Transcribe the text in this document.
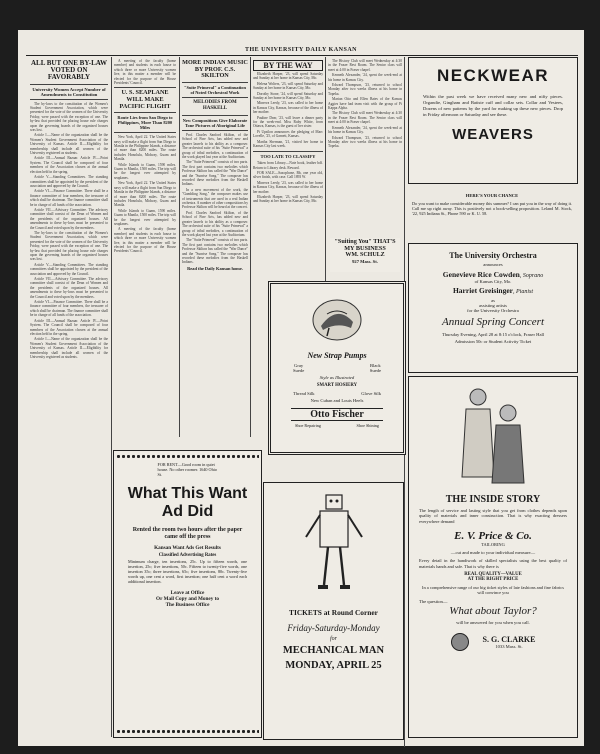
THE UNIVERSITY DAILY KANSAN
ALL BUT ONE BY-LAW VOTED ON FAVORABLY
University Women Accept Number of Amendments to Constitution
The by-laws to the constitution of the Women's Student Government Association, which were presented for the vote of the women of the University Friday, were passed with the exception of one. The by-law that provided for placing house rule charges upon the governing boards of the organized houses was lost.
Article I.—Name of the organization shall be the Women's Student Government Association of the University of Kansas. Article II.—Eligibility for membership shall include all women of the University registered as students.
Article III.—Annual Bazaar. Article IV.—Point System. The Council shall be composed of four members of the Association chosen at the annual election held in the spring.
Article V.—Standing Committees. The standing committees shall be appointed by the president of the association and approved by the Council.
Article VI.—Finance Committee. There shall be a finance committee of four members, the treasurer of which shall be chairman. The finance committee shall be in charge of all funds of the association.
Article VII.—Advisory Committee. The advisory committee shall consist of the Dean of Women and the presidents of the organized houses. All amendments to these by-laws must be presented to the Council and voted upon by the members.
The by-laws to the constitution of the Women's Student Government Association, which were presented for the vote of the women of the University Friday, were passed with the exception of one. The by-law that provided for placing house rule charges upon the governing boards of the organized houses was lost.
Article V.—Standing Committees. The standing committees shall be appointed by the president of the association and approved by the Council.
Article VII.—Advisory Committee. The advisory committee shall consist of the Dean of Women and the presidents of the organized houses. All amendments to these by-laws must be presented to the Council and voted upon by the members.
Article VI.—Finance Committee. There shall be a finance committee of four members, the treasurer of which shall be chairman. The finance committee shall be in charge of all funds of the association.
Article III.—Annual Bazaar. Article IV.—Point System. The Council shall be composed of four members of the Association chosen at the annual election held in the spring.
Article I.—Name of the organization shall be the Women's Student Government Association of the University of Kansas. Article II.—Eligibility for membership shall include all women of the University registered as students.
A meeting of the faculty (home member) and students in each house to which three or more University women live, in this matter a member will be elected for the purpose of the House Presidents' Council.
U. S. SEAPLANE WILL MAKE PACIFIC FLIGHT
Route Lies from San Diego to Philippines, More Than 8200 Miles
New York, April 22. The United States navy will make a flight from San Diego to Manila in the Philippine Islands, a distance of more than 8200 miles. The route includes Honolulu, Midway, Guam and Manila.
While Islands to Guam, 1590 miles. Guam to Manila, 1500 miles. The trip will be the longest ever attempted by seaplanes.
New York, April 22. The United States navy will make a flight from San Diego to Manila in the Philippine Islands, a distance of more than 8200 miles. The route includes Honolulu, Midway, Guam and Manila.
While Islands to Guam, 1590 miles. Guam to Manila, 1500 miles. The trip will be the longest ever attempted by seaplanes.
A meeting of the faculty (home member) and students in each house to which three or more University women live, in this matter a member will be elected for the purpose of the House Presidents' Council.
MORE INDIAN MUSIC BY PROF. C.S. SKILTON
"Suite Primeval" a Continuation of Noted Orchestral Work
MELODIES FROM HASKELL
New Compositions Give Elaborate Tone Pictures of Aboriginal Life
Prof. Charles Sanford Skilton, of the School of Fine Arts, has added new and greater laurels to his ability as a composer. The orchestral suite of his "Suite Primeval" a group of tribal melodies, a continuation of the work played last year at the Auditorium.
The "Suite Primeval" consists of two parts. The first part contains two melodies which Professor Skilton has called the "War Dance" and the "Sunrise Song." The composer has recorded these melodies from the Haskell Indians.
In a new movement of the work, the "Gambling Song," the composer makes use of instruments that are used in a real Indian orchestra. A number of other compositions by Professor Skilton will be heard at the concert.
Prof. Charles Sanford Skilton, of the School of Fine Arts, has added new and greater laurels to his ability as a composer. The orchestral suite of his "Suite Primeval" a group of tribal melodies, a continuation of the work played last year at the Auditorium.
The "Suite Primeval" consists of two parts. The first part contains two melodies which Professor Skilton has called the "War Dance" and the "Sunrise Song." The composer has recorded these melodies from the Haskell Indians.
Read the Daily Kansan home.
BY THE WAY
Elizabeth Harper, '23, will spend Saturday and Sunday at her home in Kansas City, Mo.
Helena Wolters, '23, will spend Saturday and Sunday at her home in Kansas City, Mo.
Dorothy Stone, '24, will spend Saturday and Sunday at her home in Kansas City, Mo.
Minerva Leedy, '23, was called to her home in Kansas City, Kansas, because of the illness of her mother.
Pauline Dear, '23, will leave a dinner party for the week-end. Miss Ruby White, from Ottawa, Kansas, is the guest of her sister.
Pi Upsilon announces the pledging of Marc Lovelle, '25, of Garnett, Kansas.
Martha Sherman, '21, visited her home in Kansas City last week.
TOO LATE TO CLASSIFY
Taken from Library—Note book, leather bdf. Return to Library desk. Reward.
FOR SALE—Saxophone, Bb, one year old, silver finish, with case. Call 1893 W.
Minerva Leedy, '23, was called to her home in Kansas City, Kansas, because of the illness of her mother.
Elizabeth Harper, '23, will spend Saturday and Sunday at her home in Kansas City, Mo.
The History Club will meet Wednesday at 4:30 in the Fraser Rest Room. The Senior class will meet at 4:00 in Fraser chapel.
Kenneth Alexander, '24, spent the week-end at his home in Kansas City.
Edward Thompson, '23, returned to school Monday after two weeks illness at his home in Topeka.
Marian Otto and Ellen Bates of the Kansas Aggies have had team visit with the group of Pi Kappa Alpha.
The History Club will meet Wednesday at 4:30 in the Fraser Rest Room. The Senior class will meet at 4:00 in Fraser chapel.
Kenneth Alexander, '24, spent the week-end at his home in Kansas City.
Edward Thompson, '23, returned to school Monday after two weeks illness at his home in Topeka.
"Suiting You" THAT'S MY BUSINESS
WM. SCHULZ
927 Mass. St.
NECKWEAR
Within the past week we have received many new and nifty pieces. Organdie, Gingham and Batiste cuff and collar sets. Collar and Vestees, Dozens of new patterns by the yard for making up these new pieces. Drop in Friday afternoon or Saturday and see these.
WEAVERS
HERE'S YOUR CHANCE
Do you want to make considerable money this summer? I can put you in the way of doing it. Call me up right away. This is positively not a book-selling proposition. Leland M. Stock, '22, 925 Indiana St., Phone 590 or K. U. 58.
The University Orchestra
announces
Genevieve Rice Cowden, Soprano
of Kansas City, Mo.
Harriet Greisinger, Pianist
as
assisting artists
for the University Orchestra
Annual Spring Concert
Thursday Evening, April 28 at 8:15 o'clock, Fraser Hall
Admission 50c or Student Activity Ticket
New Strap Pumps
Gray
Suede
Black
Suede
Style as Illustrated
SMART HOSIERY
Thread Silk	Glove Silk
New Cuban and Louis Heels
Otto Fischer
Shoe Repairing	Shoe Shining
FOR RENT—Good room in quiet house. No other roomer. 1640 Ohio St.
What This Want Ad Did
Rented the room two hours after the paper came off the press
Kansan Want Ads Get Results
Classified Advertising Rates
Minimum charge, ten insertions, 25c. Up to fifteen words, one insertion, 25c; five insertions, 50c. Fifteen to twenty-five words, one insertion 35c; three insertions, 65c; five insertions, 80c. Twenty-five words up, one cent a word, first insertion; one half cent a word each additional insertion.
Leave at Office
Or Mail Copy and Money to
The Business Office
TICKETS at Round Corner
Friday-Saturday-Monday
for
MECHANICAL MAN
MONDAY, APRIL 25
THE INSIDE STORY
The length of service and lasting style that you get from clothes depends upon quality of materials and inner construction. That is why exacting dressers everywhere demand
E. V. Price & Co.
TAILORING
—cut and made to your individual measure—
Every detail in the handiwork of skilled specialists using the best quality of materials hands and safe. That is why there is
REAL QUALITY—VALUE
AT THE RIGHT PRICE
In a comprehensive range of our big ticket styles of late fashions and fine fabrics will convince you
The question—
What about Taylor?
will be answered for you when you call.
S. G. CLARKE
1033 Mass. St.
